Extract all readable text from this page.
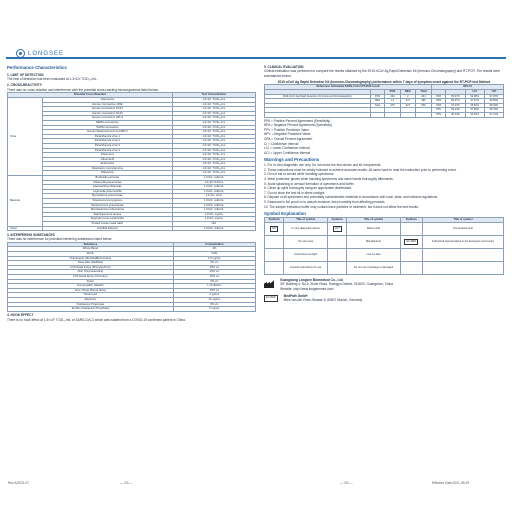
LONGSEE
Performance Characteristics
1. LIMIT OF DETECTION

The limit of detection has been evaluated at 1.3×10² TCID₅₀/mL.

2. CROSS-REACTIVITY

There was no cross-reaction and interference with the potential cross-reacting microorganisms listed below:

Potential Cross-Reactant		Test Concentration
Virus	Adenovirus	1.0×10⁵ TCID₅₀/mL
	Human coronavirus 229E	1.0×10⁵ TCID₅₀/mL
	Human coronavirus OC43	1.0×10⁵ TCID₅₀/mL
	Human coronavirus NL63	1.0×10⁵ TCID₅₀/mL
	Human coronavirus HKU1	1.0×10⁵ TCID₅₀/mL
	MERS-coronavirus	1.0×10⁵ TCID₅₀/mL
	SARS-coronavirus	1.0×10⁵ TCID₅₀/mL
	Human Metapneumovirus (hMPV)	1.0×10⁵ TCID₅₀/mL
	Parainfluenza virus 1	1.0×10⁵ TCID₅₀/mL
	Parainfluenza virus 2	1.0×10⁵ TCID₅₀/mL
	Parainfluenza virus 3	1.0×10⁵ TCID₅₀/mL
	Parainfluenza virus 4	1.0×10⁵ TCID₅₀/mL
	Influenza A	1.0×10⁵ TCID₅₀/mL
	Influenza B	1.0×10⁵ TCID₅₀/mL
	Enterovirus	1.0×10⁵ TCID₅₀/mL
	Respiratory syncytial virus	1.0×10⁵ TCID₅₀/mL
	Rhinovirus	1.0×10⁵ TCID₅₀/mL
Bacteria	Bordetella pertussis	1.0×10⁶ cells/mL
	Chlamydia pneumoniae	1.0×10⁶ IFU/mL
	Haemophilus influenzae	1.0×10⁶ cells/mL
	Legionella pneumophila	1.0×10⁶ cells/mL
	Mycoplasma pneumoniae	1.0×10⁶ U/mL
	Streptococcus pyogenes	1.0×10⁶ cells/mL
	Streptococcus pneumoniae	1.0×10⁶ cells/mL
	Mycobacterium tuberculosis	1.0×10⁶ cells/mL
	Staphylococcus aureus	1.0×10⁶ org/mL
	Staphylococcus epidermidis	1.0×10⁶ org/mL
	Pooled human nasal wash	N/A
Yeast	Candida albicans	1.0×10⁶ cells/mL
3. INTERFERING SUBSTANCES

There was no interference for potential interfering substances listed below:

Substance	Concentration
Whole Blood	4%
Mucin	0.5%
Chloraseptic (Menthol/Benzocaine)	1.5 mg/mL
Naso GEL (NeilMed)	5% v/v
CVS Nasal Drops (Phenylephrine)	15% v/v
Afrin (Oxymetazoline)	15% v/v
CVS Nasal Spray (Cromolyn)	15% v/v
Zicam	5% v/v
Homeopathic (Alkalol)	1:10 dilution
Sore Throat Phenol Spray	15% v/v
Tobramycin	4 µg/mL
Mupirocin	10 mg/mL
Fluticasone Propionate	5% v/v
Tamiflu (Oseltamivir Phosphate)	5 mg/mL
4. HOOK EFFECT

There is no hook effect at 1.5×10⁵ TCID₅₀/mL of SARS-CoV-2 which was isolated from a COVID-19 confirmed patient in China.

5. CLINICAL EVALUATION

Clinical evaluation was performed to compare the results obtained by the 2019-nCoV Ag Rapid Detection Kit (Immuno-Chromatography) and RT-PCR. The results were summarized below:

2019-nCoV Ag Rapid Detection Kit (Immuno-Chromatography) performance within 7 days of symptom onset against the RT-PCR test Method
Reference: Estimated SARS-CoV-2 RT-PCR result					95% CI			
		POS	NEG	Total			LCI	UCI
2019-nCoV Ag Rapid Detection Kit (Immuno-Chromatography)	POS	262	2	264	PPA	95.27%	92.08%	97.25%
	NEG	13	272	285	NPA	99.27%	97.37%	99.80%
	Total	275	274	549	OPA	97.27%	95.52%	98.34%
					PPV	99.24%	97.28%	99.79%
					NPV	95.44%	92.63%	97.21%
PPA = Positive Percent Agreement (Sensitivity)
NPA = Negative Percent Agreement (Specificity)
PPV = Positive Predictive Value
NPV = Negative Predictive Value
OPA = Overall Percent Agreement
CI = Confidence Interval
LCI = Lower Confidence Interval
UCI = Upper Confidence Interval
Warnings and Precautions
1. For in vitro diagnostic use only. Do not reuse the test device and kit components.
2. These instructions must be strictly followed to achieve accurate results. All users have to read the instruction prior to performing a test.
3. Do not eat or smoke while handling specimens.
4. Wear protective gloves while handling specimens and wash hands thoroughly afterwards.
5. Avoid splashing or aerosol formation of specimens and buffer.
6. Clean up spills thoroughly using an appropriate disinfectant.
7. Do not store the test kit in direct sunlight.
8. Dispose of all specimens and potentially contaminated materials in accordance with local, state, and national regulations.
9. Desiccant in foil pouch is to absorb moisture; keep humidity from affecting products.
10. The sample extraction buffer may contain trace particles or sediment, but it does not affect the test results.
Symbol Explanation
Symbols	Title of symbol	Symbols	Title of symbol	Symbols	Title of symbol
IVD	In vitro diagnostic device	LOT	Batch code		Temperature limit
	Do not reuse		Manufacturer	EC REP	Authorized representative in the European Community
	Avoid direct sunlight		Use-by date		
	Consult instructions for use		Do not use if package is damaged		
Guangdong Longsee Biomedical Co., Ltd.
3/F, Building 4, No.6, Xiuhe Road, Huangpu District, 510000, Guangzhou, China
Website: http://www.longseemed.com/
EC REP	MedPath GmbH
Mies-van-der-Rohe-Strasse 8, 80807 Munich, Germany
Rev.A/2021-07	— 2/3 —	— 3/3 —	Effective Date:2021-09-29
